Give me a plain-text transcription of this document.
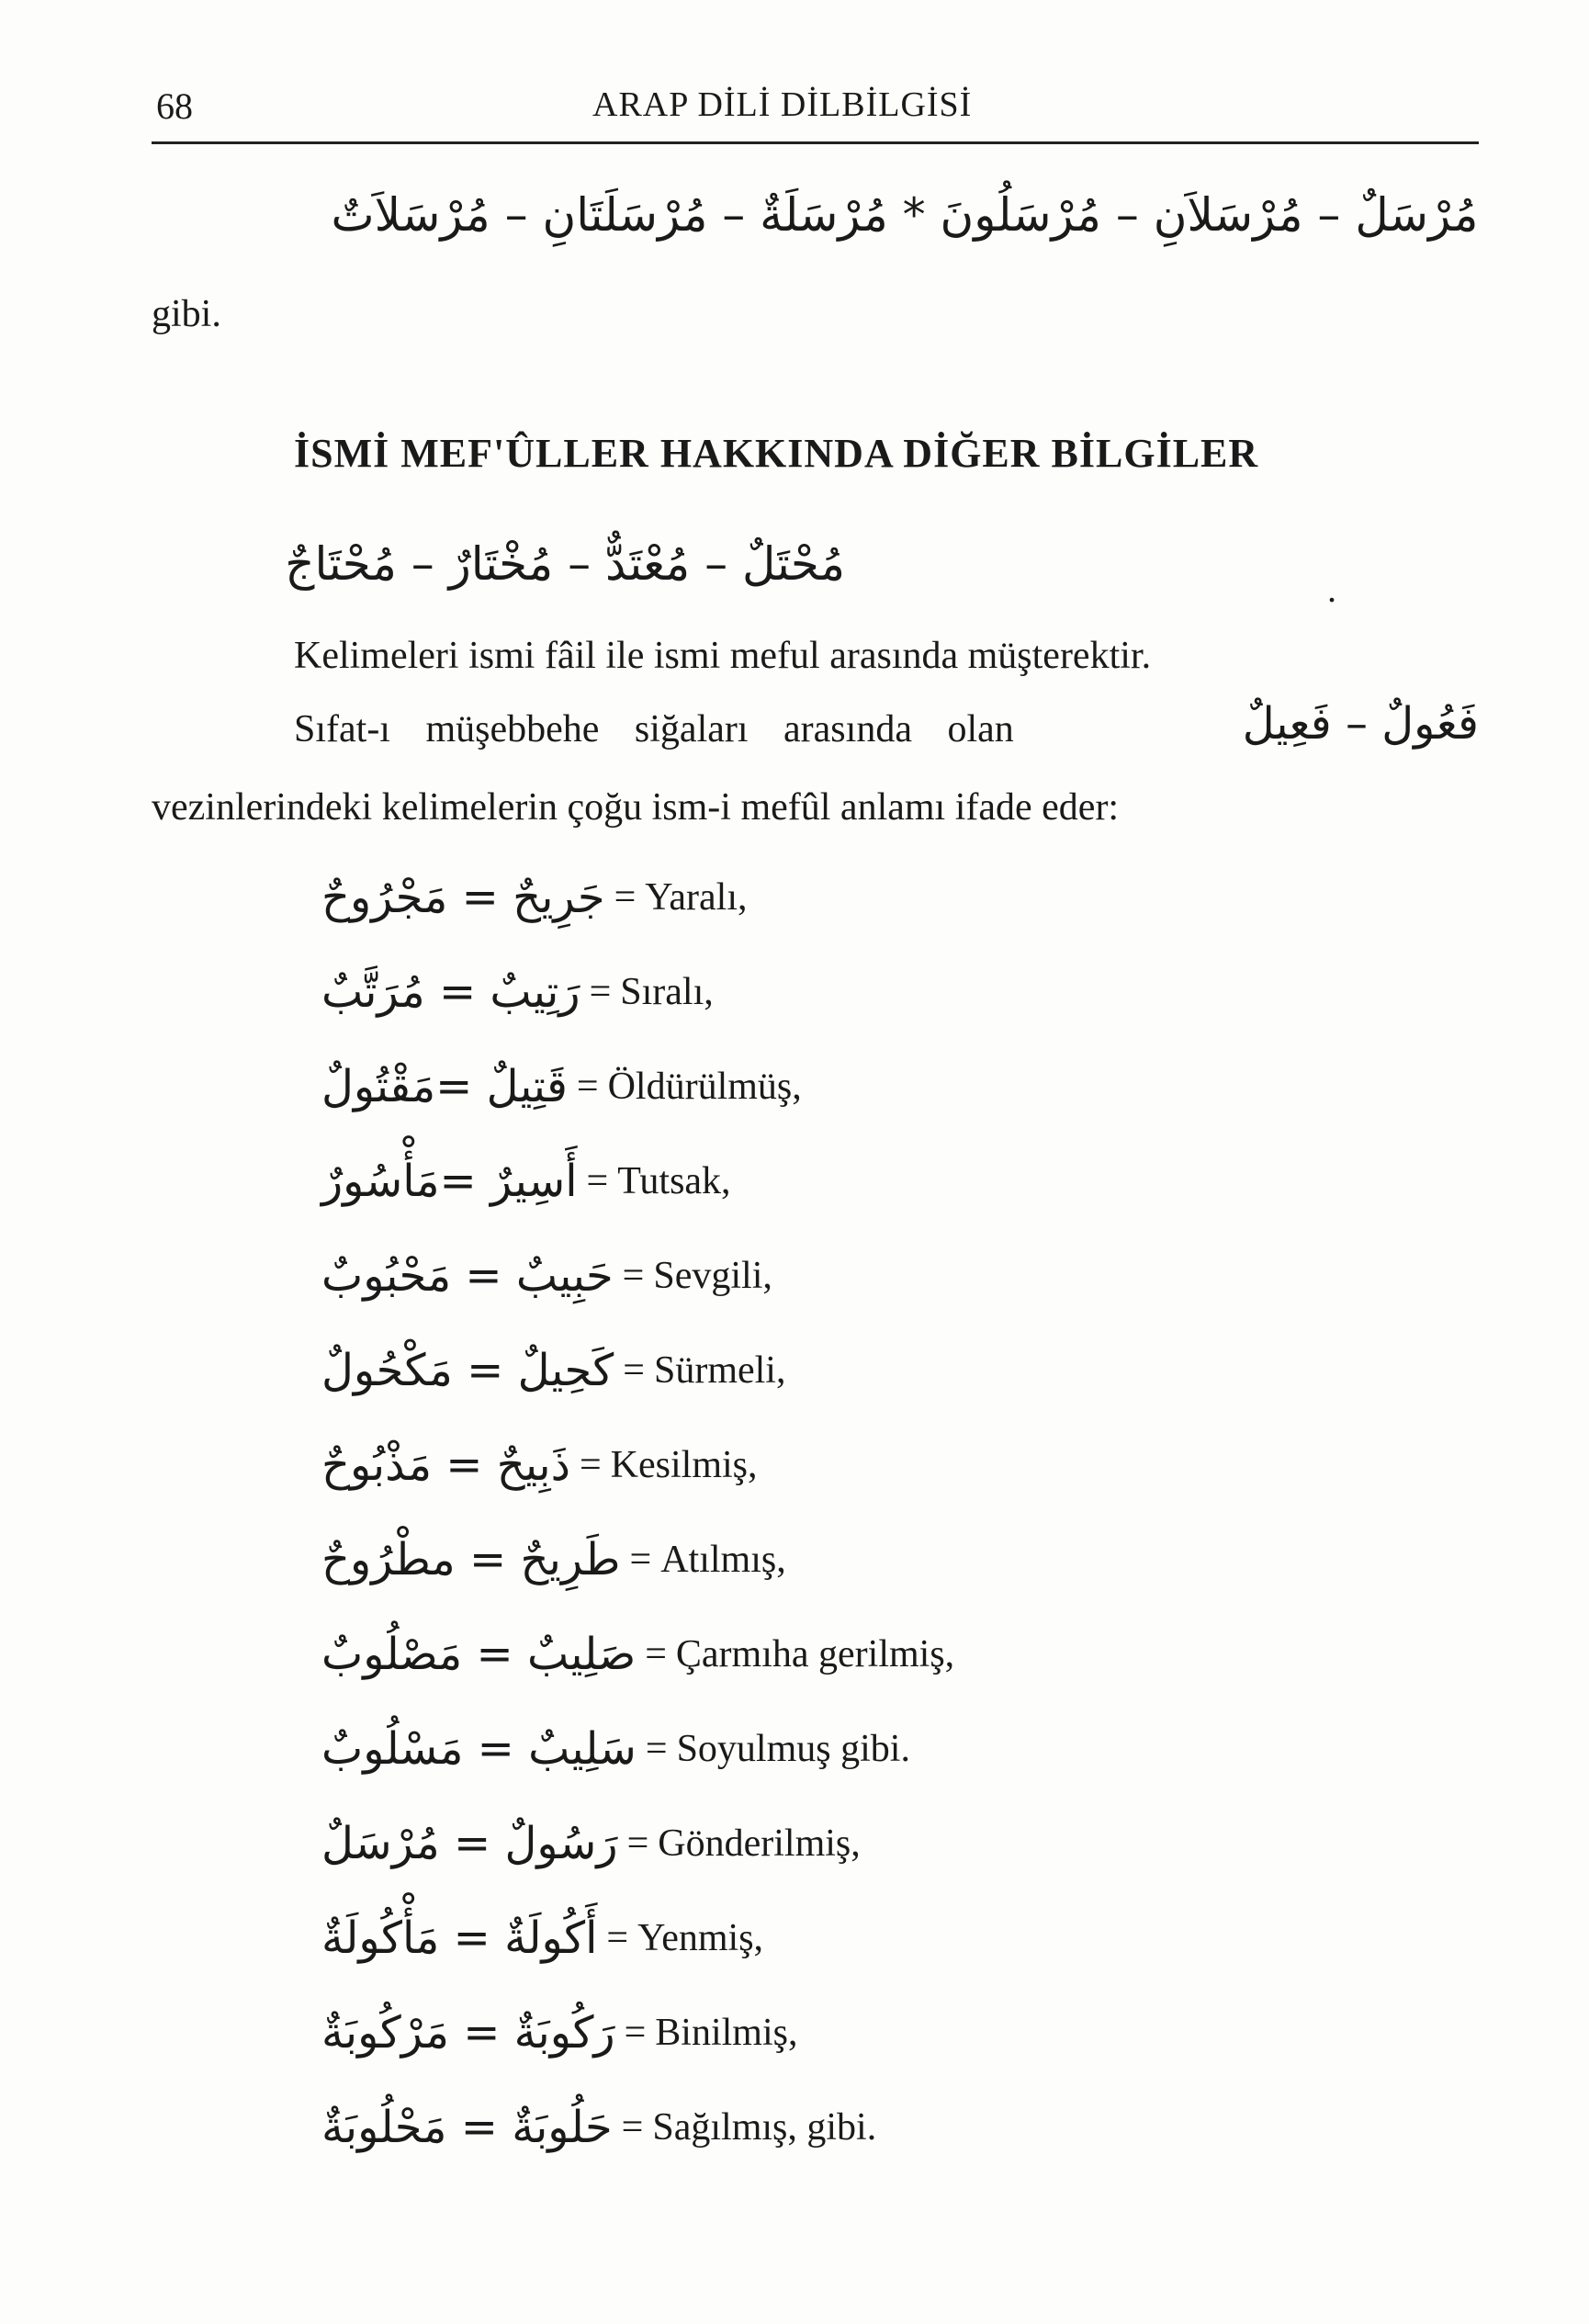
68	ARAP DİLİ DİLBİLGİSİ
مُرْسَلٌ – مُرْسَلاَنِ – مُرْسَلُونَ * مُرْسَلَةٌ – مُرْسَلَتَانِ – مُرْسَلاَتٌ
gibi.
İSMİ MEF'ÛLLER HAKKINDA DİĞER BİLGİLER
مُحْتَلٌ – مُعْتَدٌّ – مُخْتَارٌ – مُحْتَاجٌ	.
Kelimeleri ismi fâil ile ismi meful arasında müşterektir.
Sıfat-ı müşebbehe siğaları arasında olan	فَعُولٌ – فَعِيلٌ
vezinlerindeki kelimelerin çoğu ism-i mefûl anlamı ifade eder:
جَرِيحٌ = مَجْرُوحٌ = Yaralı,
رَتِيبٌ = مُرَتَّبٌ = Sıralı,
قَتِيلٌ =مَقْتُولٌ = Öldürülmüş,
أَسِيرٌ =مَأْسُورٌ = Tutsak,
حَبِيبٌ = مَحْبُوبٌ = Sevgili,
كَحِيلٌ = مَكْحُولٌ = Sürmeli,
ذَبِيحٌ = مَذْبُوحٌ = Kesilmiş,
طَرِيحٌ = مطْرُوحٌ = Atılmış,
صَلِيبٌ = مَصْلُوبٌ = Çarmıha gerilmiş,
سَلِيبٌ = مَسْلُوبٌ = Soyulmuş gibi.
رَسُولٌ = مُرْسَلٌ = Gönderilmiş,
أَكُولَةٌ = مَأْكُولَةٌ = Yenmiş,
رَكُوبَةٌ = مَرْكُوبَةٌ = Binilmiş,
حَلُوبَةٌ = مَحْلُوبَةٌ = Sağılmış, gibi.
